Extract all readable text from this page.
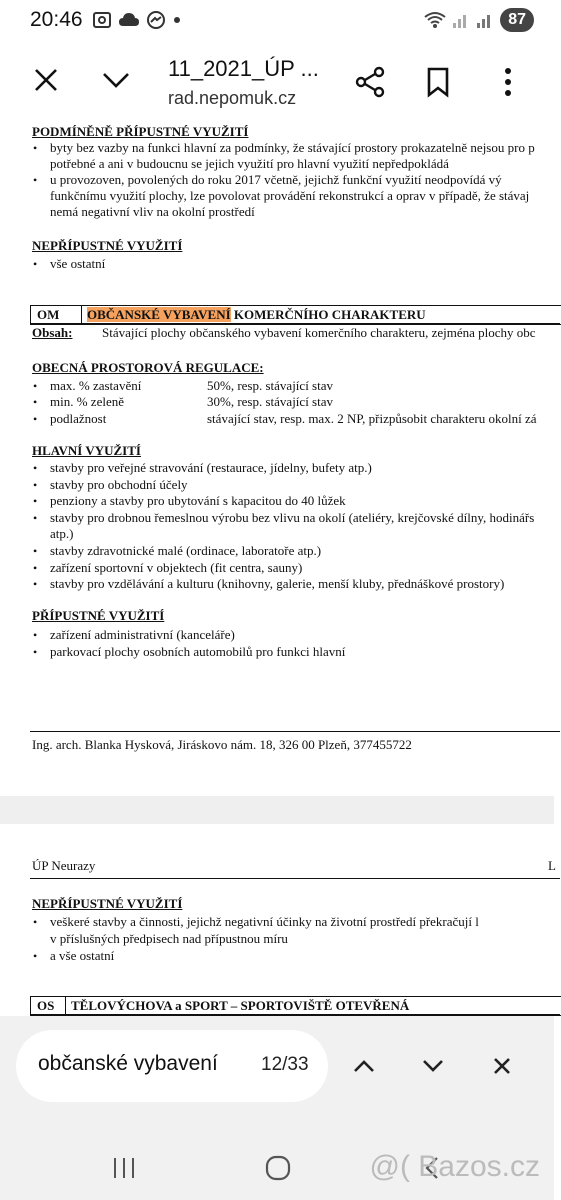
20:46	87
11_2021_ÚP ...
rad.nepomuk.cz
PODMÍNĚNĚ PŘÍPUSTNÉ VYUŽITÍ
• byty bez vazby na funkci hlavní za podmínky, že stávající prostory prokazatelně nejsou pro p
potřebné a ani v budoucnu se jejich využití pro hlavní využití nepředpokládá
• u provozoven, povolených do roku 2017 včetně, jejichž funkční využití neodpovídá vý
funkčnímu využití plochy, lze povolovat provádění rekonstrukcí a oprav v případě, že stávaj
nemá negativní vliv na okolní prostředí
NEPŘÍPUSTNÉ VYUŽITÍ
• vše ostatní
OM OBČANSKÉ VYBAVENÍ KOMERČNÍHO CHARAKTERU
Obsah: Stávající plochy občanského vybavení komerčního charakteru, zejména plochy obc
OBECNÁ PROSTOROVÁ REGULACE:
• max. % zastavění	50%, resp. stávající stav
• min. % zeleně	30%, resp. stávající stav
• podlažnost	stávající stav, resp. max. 2 NP, přizpůsobit charakteru okolní zá
HLAVNÍ VYUŽITÍ
• stavby pro veřejné stravování (restaurace, jídelny, bufety atp.)
• stavby pro obchodní účely
• penziony a stavby pro ubytování s kapacitou do 40 lůžek
• stavby pro drobnou řemeslnou výrobu bez vlivu na okolí (ateliéry, krejčovské dílny, hodinářs
atp.)
• stavby zdravotnické malé (ordinace, laboratoře atp.)
• zařízení sportovní v objektech (fit centra, sauny)
• stavby pro vzdělávání a kulturu (knihovny, galerie, menší kluby, přednáškové prostory)
PŘÍPUSTNÉ VYUŽITÍ
• zařízení administrativní (kanceláře)
• parkovací plochy osobních automobilů pro funkci hlavní
Ing. arch. Blanka Hysková, Jiráskovo nám. 18, 326 00 Plzeň, 377455722
ÚP Neurazy	L
NEPŘÍPUSTNÉ VYUŽITÍ
• veškeré stavby a činnosti, jejichž negativní účinky na životní prostředí překračují l
v příslušných předpisech nad přípustnou míru
• a vše ostatní
OS TĚLOVÝCHOVA a SPORT – SPORTOVIŠTĚ OTEVŘENÁ
občanské vybavení 12/33
@( Bazos.cz
